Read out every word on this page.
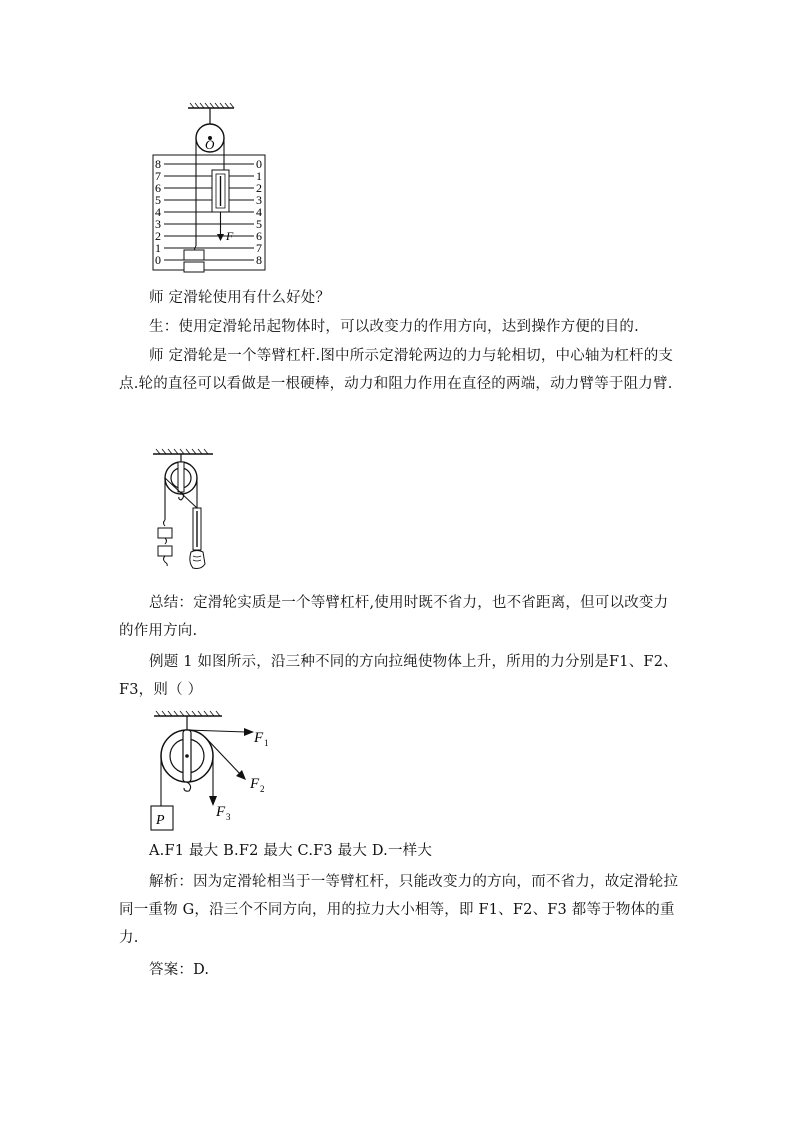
O
8
7
6
5
4
3
2
1
0
0
1
2
3
4
5
6
7
8
F
师 定滑轮使用有什么好处？
生：使用定滑轮吊起物体时，可以改变力的作用方向，达到操作方便的目的.
师 定滑轮是一个等臂杠杆.图中所示定滑轮两边的力与轮相切，中心轴为杠杆的支点.轮的直径可以看做是一根硬棒，动力和阻力作用在直径的两端，动力臂等于阻力臂.
总结：定滑轮实质是一个等臂杠杆,使用时既不省力，也不省距离，但可以改变力的作用方向.
例题 1 如图所示，沿三种不同的方向拉绳使物体上升，所用的力分别是F1、F2、F3，则（ ）
P
F 1
F 2
F 3
A.F1 最大 B.F2 最大 C.F3 最大 D.一样大
解析：因为定滑轮相当于一等臂杠杆，只能改变力的方向，而不省力，故定滑轮拉同一重物 G，沿三个不同方向，用的拉力大小相等，即 F1、F2、F3 都等于物体的重力.
答案：D.
